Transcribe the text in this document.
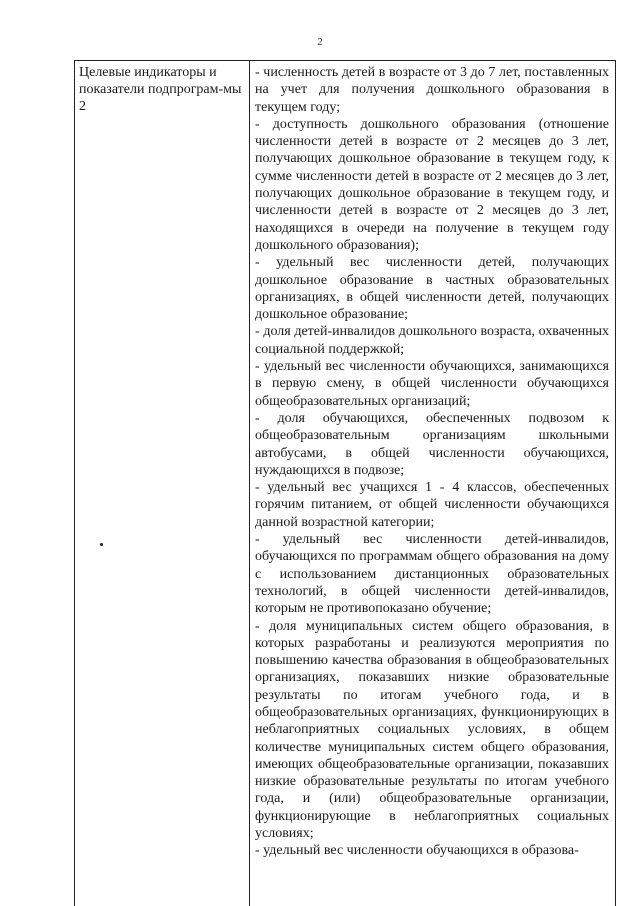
2
Целевые индикаторы и показатели подпрограм-мы 2

- численность детей в возрасте от 3 до 7 лет, поставленных на учет для получения дошкольного образования в текущем году;

- доступность дошкольного образования (отношение численности детей в возрасте от 2 месяцев до 3 лет, получающих дошкольное образование в текущем году, к сумме численности детей в возрасте от 2 месяцев до 3 лет, получающих дошкольное образование в текущем году, и численности детей в возрасте от 2 месяцев до 3 лет, находящихся в очереди на получение в текущем году дошкольного образования);

- удельный вес численности детей, получающих дошкольное образование в частных образовательных организациях, в общей численности детей, получающих дошкольное образование;

- доля детей-инвалидов дошкольного возраста, охваченных социальной поддержкой;

- удельный вес численности обучающихся, занимающихся в первую смену, в общей численности обучающихся общеобразовательных организаций;

- доля обучающихся, обеспеченных подвозом к общеобразовательным организациям школьными автобусами, в общей численности обучающихся, нуждающихся в подвозе;

- удельный вес учащихся 1 - 4 классов, обеспеченных горячим питанием, от общей численности обучающихся данной возрастной категории;

- удельный вес численности детей-инвалидов, обучающихся по программам общего образования на дому с использованием дистанционных образовательных технологий, в общей численности детей-инвалидов, которым не противопоказано обучение;

- доля муниципальных систем общего образования, в которых разработаны и реализуются мероприятия по повышению качества образования в общеобразовательных организациях, показавших низкие образовательные результаты по итогам учебного года, и в общеобразовательных организациях, функционирующих в неблагоприятных социальных условиях, в общем количестве муниципальных систем общего образования, имеющих общеобразовательные организации, показавших низкие образовательные результаты по итогам учебного года, и (или) общеобразовательные организации, функционирующие в неблагоприятных социальных условиях;

- удельный вес численности обучающихся в образова-
